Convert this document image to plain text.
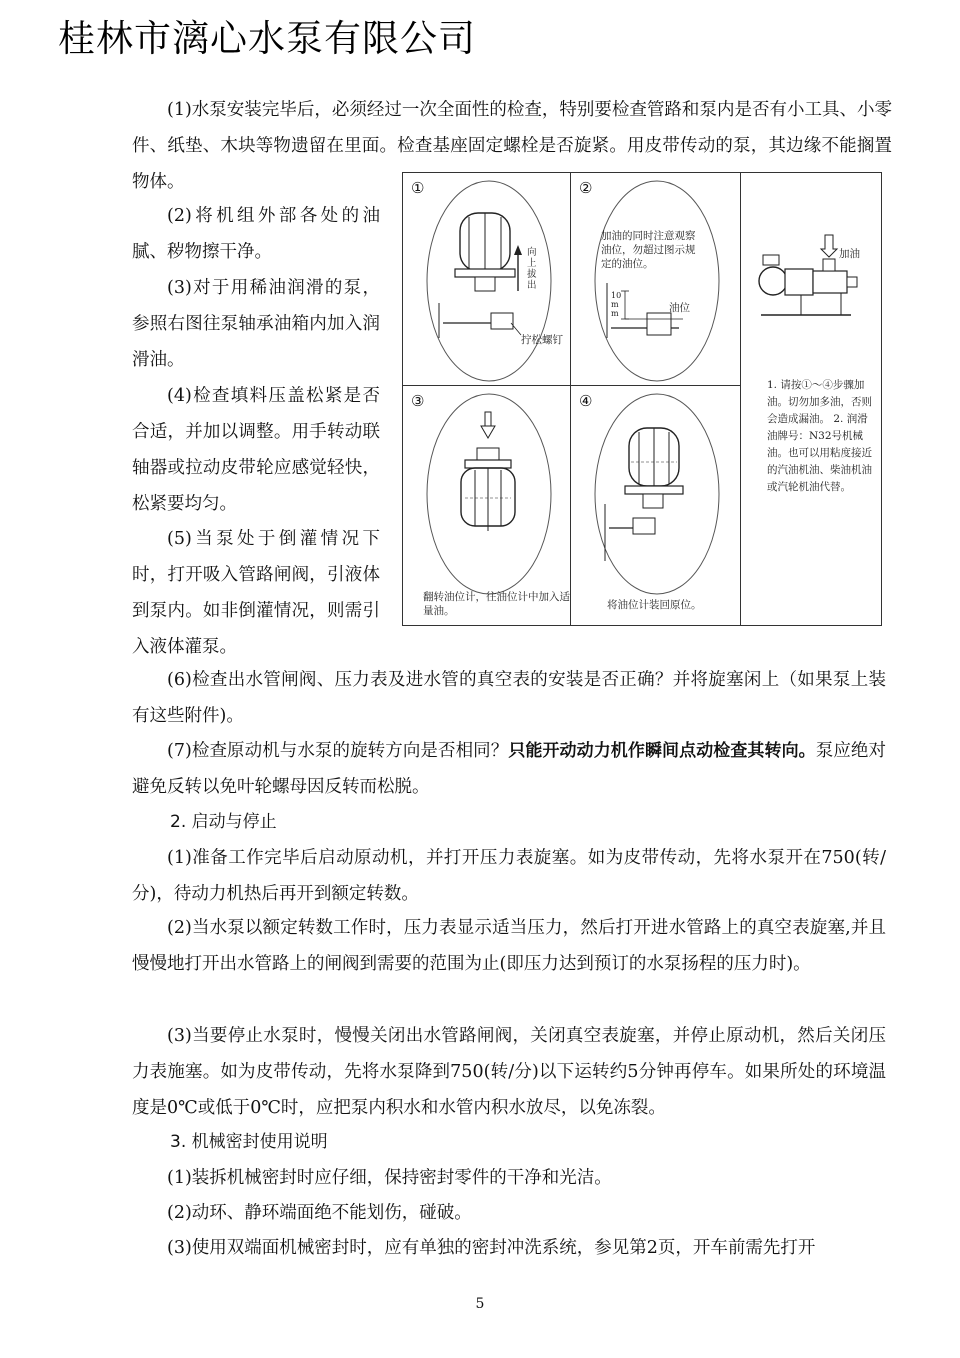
桂林市漓心水泵有限公司

(1)水泵安装完毕后，必须经过一次全面性的检查，特别要检查管路和泵内是否有小工具、小零件、纸垫、木块等物遗留在里面。检查基座固定螺栓是否旋紧。用皮带传动的泵，其边缘不能搁置物体。

(2)将机组外部各处的油腻、秽物擦干净。

(3)对于用稀油润滑的泵，参照右图往泵轴承油箱内加入润滑油。

(4)检查填料压盖松紧是否合适，并加以调整。用手转动联轴器或拉动皮带轮应感觉轻快，松紧要均匀。

(5)当泵处于倒灌情况下时，打开吸入管路闸阀，引液体到泵内。如非倒灌情况，则需引入液体灌泵。

(6)检查出水管闸阀、压力表及进水管的真空表的安装是否正确？并将旋塞闲上（如果泵上装有这些附件)。

(7)检查原动机与水泵的旋转方向是否相同？只能开动动力机作瞬间点动检查其转向。泵应绝对避免反转以免叶轮螺母因反转而松脱。

2. 启动与停止

(1)准备工作完毕后启动原动机，并打开压力表旋塞。如为皮带传动，先将水泵开在750(转/分)，待动力机热后再开到额定转数。

(2)当水泵以额定转数工作时，压力表显示适当压力，然后打开进水管路上的真空表旋塞,并且慢慢地打开出水管路上的闸阀到需要的范围为止(即压力达到预订的水泵扬程的压力时)。

(3)当要停止水泵时，慢慢关闭出水管路闸阀，关闭真空表旋塞，并停止原动机，然后关闭压力表施塞。如为皮带传动，先将水泵降到750(转/分)以下运转约5分钟再停车。如果所处的环境温度是0℃或低于0℃时，应把泵内积水和水管内积水放尽，以免冻裂。

3. 机械密封使用说明

(1)装拆机械密封时应仔细，保持密封零件的干净和光洁。

(2)动环、静环端面绝不能划伤，碰破。

(3)使用双端面机械密封时，应有单独的密封冲洗系统，参见第2页，开车前需先打开

5
①
向上拔出
拧松螺钉
②
加油的同时注意观察油位，勿超过图示规定的油位。
10mm	油位
③
翻转油位计，往油位计中加入适量油。
④
将油位计装回原位。
加油
1. 请按①～④步骤加油。切勿加多油，否则会造成漏油。 2. 润滑油牌号：N32号机械油。也可以用粘度接近的汽油机油、柴油机油或汽轮机油代替。
